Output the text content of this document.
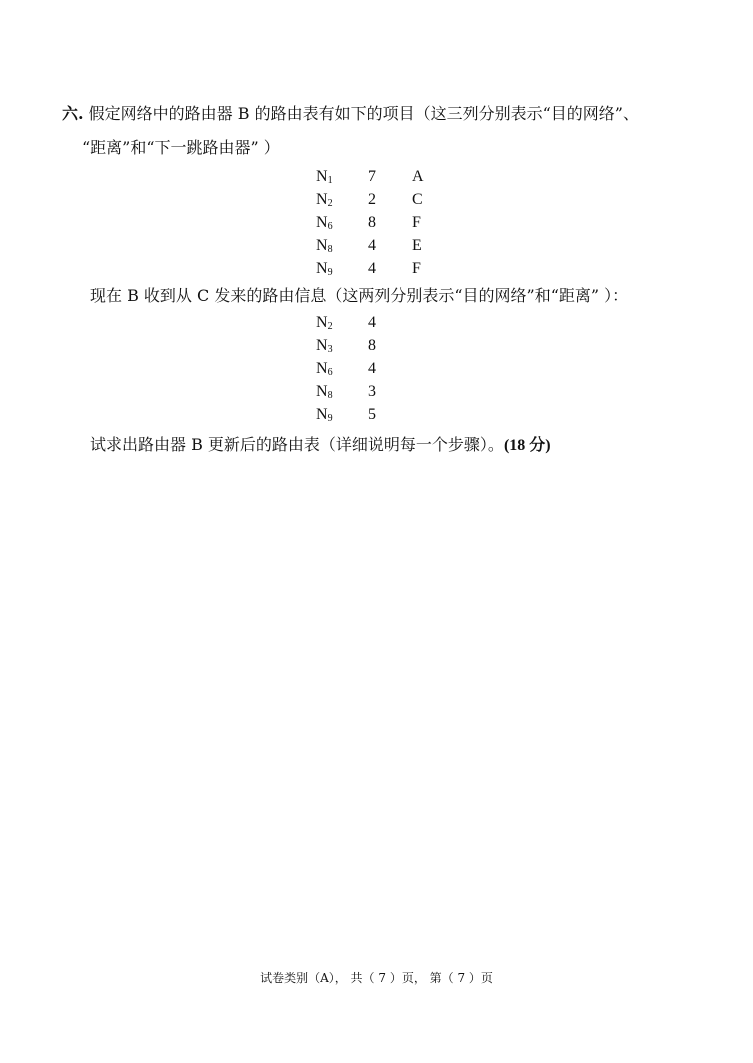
六. 假定网络中的路由器 B 的路由表有如下的项目（这三列分别表示“目的网络”、
“距离”和“下一跳路由器” ）
$N_1$ 7 A
$N_2$ 2 C
$N_6$ 8 F
$N_8$ 4 E
$N_9$ 4 F
现在 B 收到从 C 发来的路由信息（这两列分别表示“目的网络”和“距离” ）：
$N_2$ 4
$N_3$ 8
$N_6$ 4
$N_8$ 3
$N_9$ 5
试求出路由器 B 更新后的路由表（详细说明每一个步骤）。(18 分)
试卷类别（A）， 共（ 7 ）页， 第（ 7 ）页
